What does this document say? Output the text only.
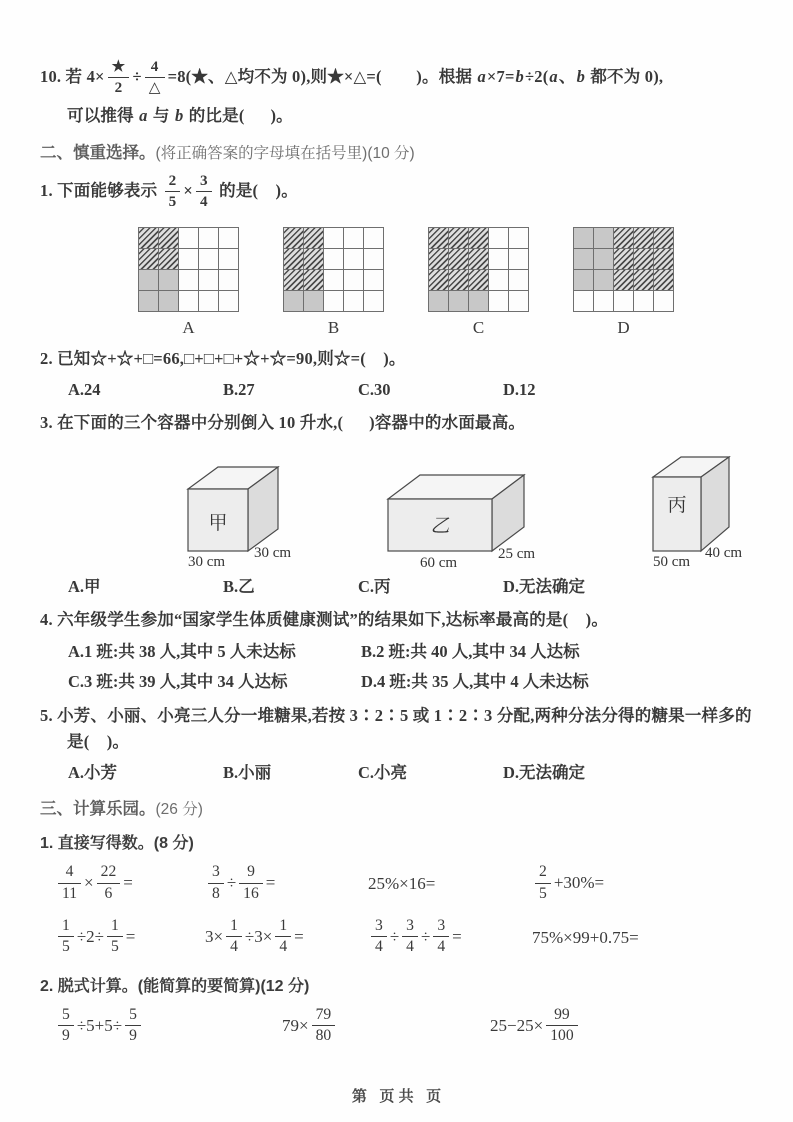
10. 若 4×
★
2
÷
4
△
=8(★、△均不为 0),则★×△=(        )。根据 a×7=b÷2(a、b 都不为 0),
可以推得 a 与 b 的比是(      )。
二、慎重选择。(将正确答案的字母填在括号里)(10 分)
1. 下面能够表示 $\frac{2}{5} \times \frac{3}{4}$ 的是(    )。
A	B	C	D
2. 已知☆+☆+□=66,□+□+□+☆+☆=90,则☆=(    )。
A.24	B.27	C.30	D.12
3. 在下面的三个容器中分别倒入 10 升水,(      )容器中的水面最高。
甲
30 cm
30 cm
乙
60 cm
25 cm
丙
50 cm
40 cm
A.甲	B.乙	C.丙	D.无法确定
4. 六年级学生参加“国家学生体质健康测试”的结果如下,达标率最高的是(    )。
A.1 班:共 38 人,其中 5 人未达标	B.2 班:共 40 人,其中 34 人达标
C.3 班:共 39 人,其中 34 人达标	D.4 班:共 35 人,其中 4 人未达标
5. 小芳、小丽、小亮三人分一堆糖果,若按 3∶2∶5 或 1∶2∶3 分配,两种分法分得的糖果一样多的
是(    )。
A.小芳	B.小丽	C.小亮	D.无法确定
三、计算乐园。(26 分)
1. 直接写得数。(8 分)
$\frac{4}{11} \times \frac{22}{6}$ =	$\frac{3}{8} \div \frac{9}{16}$ =	25%×16=	$\frac{2}{5} +30\%=$
$\frac{1}{5} \div 2\div \frac{1}{5}$ =	$3\times \frac{1}{4} \div 3\times \frac{1}{4}$ =	$\frac{3}{4} \div \frac{3}{4} \div \frac{3}{4}$ =	75%×99+0.75=
2. 脱式计算。(能简算的要简算)(12 分)
$\frac{5}{9} \div 5+5\div \frac{5}{9}$	$79\times \frac{79}{80}$	$25-25\times \frac{99}{100}$
第   页 共   页
